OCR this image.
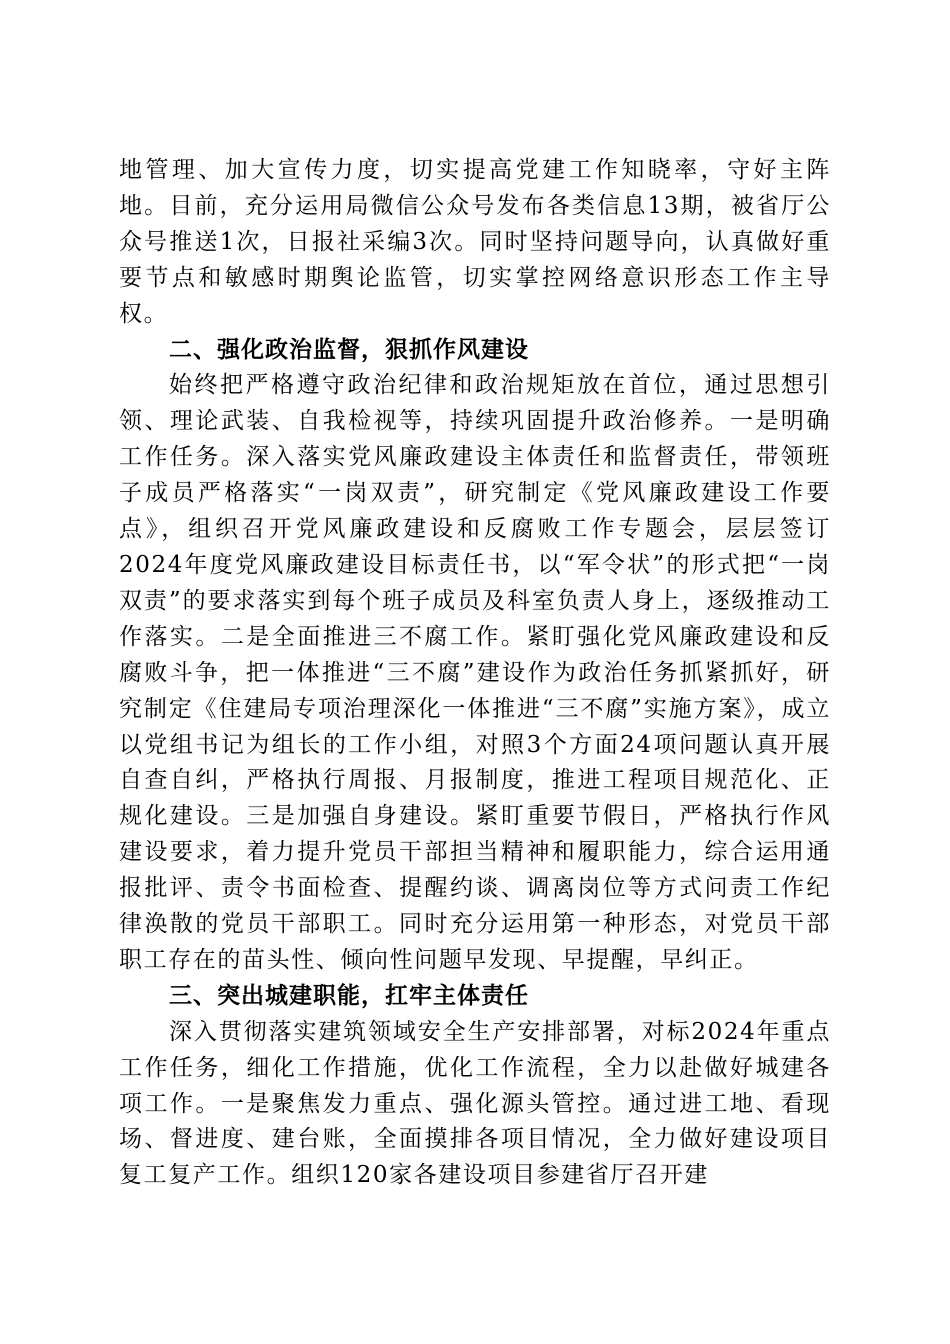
地管理、加大宣传力度，切实提高党建工作知晓率，守好主阵地。目前，充分运用局微信公众号发布各类信息13期，被省厅公众号推送1次，日报社采编3次。同时坚持问题导向，认真做好重要节点和敏感时期舆论监管，切实掌控网络意识形态工作主导权。

二、强化政治监督，狠抓作风建设

始终把严格遵守政治纪律和政治规矩放在首位，通过思想引领、理论武装、自我检视等，持续巩固提升政治修养。一是明确工作任务。深入落实党风廉政建设主体责任和监督责任，带领班子成员严格落实“一岗双责”，研究制定《党风廉政建设工作要点》，组织召开党风廉政建设和反腐败工作专题会，层层签订2024年度党风廉政建设目标责任书，以“军令状”的形式把“一岗双责”的要求落实到每个班子成员及科室负责人身上，逐级推动工作落实。二是全面推进三不腐工作。紧盯强化党风廉政建设和反腐败斗争，把一体推进“三不腐”建设作为政治任务抓紧抓好，研究制定《住建局专项治理深化一体推进“三不腐”实施方案》，成立以党组书记为组长的工作小组，对照3个方面24项问题认真开展自查自纠，严格执行周报、月报制度，推进工程项目规范化、正规化建设。三是加强自身建设。紧盯重要节假日，严格执行作风建设要求，着力提升党员干部担当精神和履职能力，综合运用通报批评、责令书面检查、提醒约谈、调离岗位等方式问责工作纪律涣散的党员干部职工。同时充分运用第一种形态，对党员干部职工存在的苗头性、倾向性问题早发现、早提醒，早纠正。

三、突出城建职能，扛牢主体责任

深入贯彻落实建筑领域安全生产安排部署，对标2024年重点工作任务，细化工作措施，优化工作流程，全力以赴做好城建各项工作。一是聚焦发力重点、强化源头管控。通过进工地、看现场、督进度、建台账，全面摸排各项目情况，全力做好建设项目复工复产工作。组织120家各建设项目参建省厅召开建
